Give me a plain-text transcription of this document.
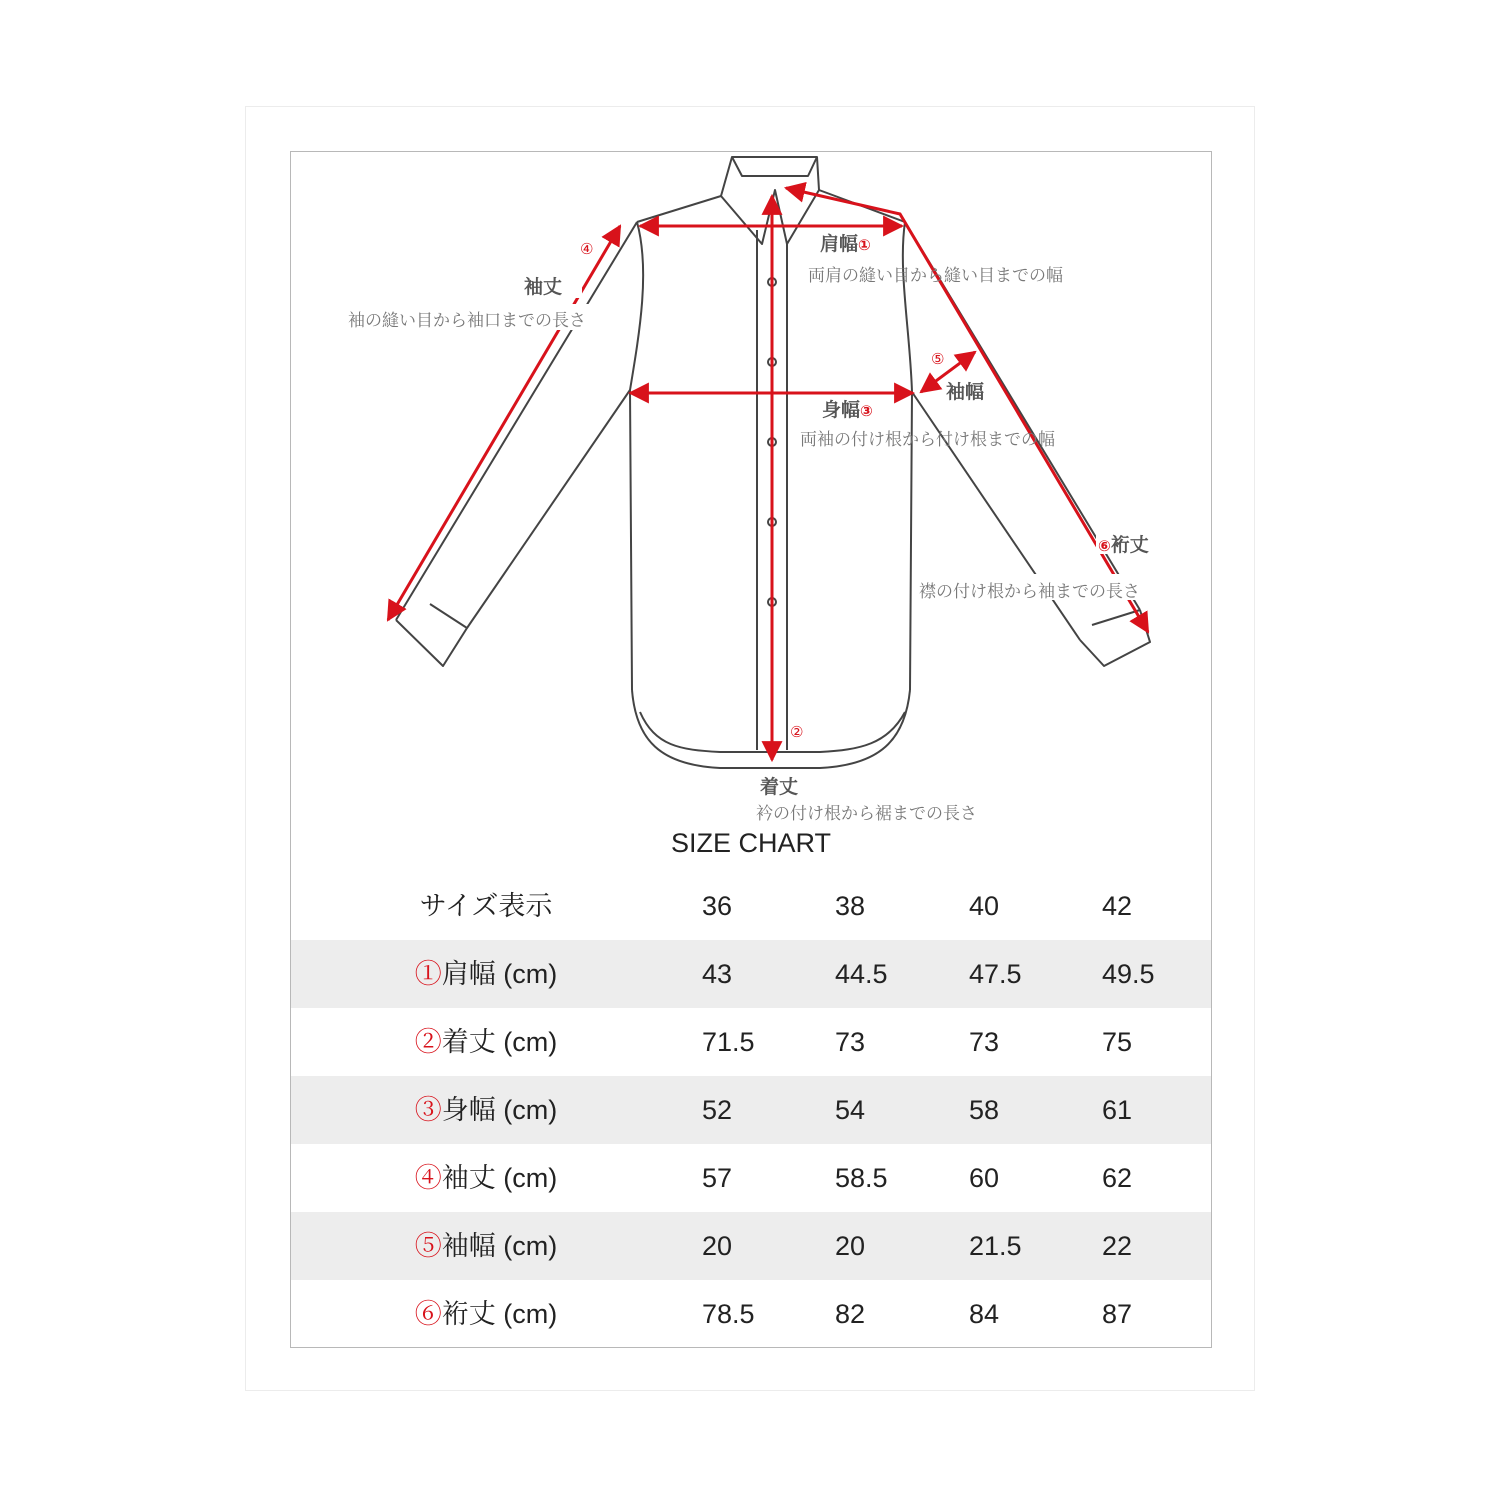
肩幅①
両肩の縫い目から縫い目までの幅
④
袖丈
袖の縫い目から袖口までの長さ
⑤
袖幅
身幅③
両袖の付け根から付け根までの幅
⑥裄丈
襟の付け根から袖までの長さ
②
着丈
衿の付け根から裾までの長さ
SIZE CHART
サイズ表示	36	38	40	42
①肩幅 (cm)	43	44.5	47.5	49.5
②着丈 (cm)	71.5	73	73	75
③身幅 (cm)	52	54	58	61
④袖丈 (cm)	57	58.5	60	62
⑤袖幅 (cm)	20	20	21.5	22
⑥裄丈 (cm)	78.5	82	84	87
